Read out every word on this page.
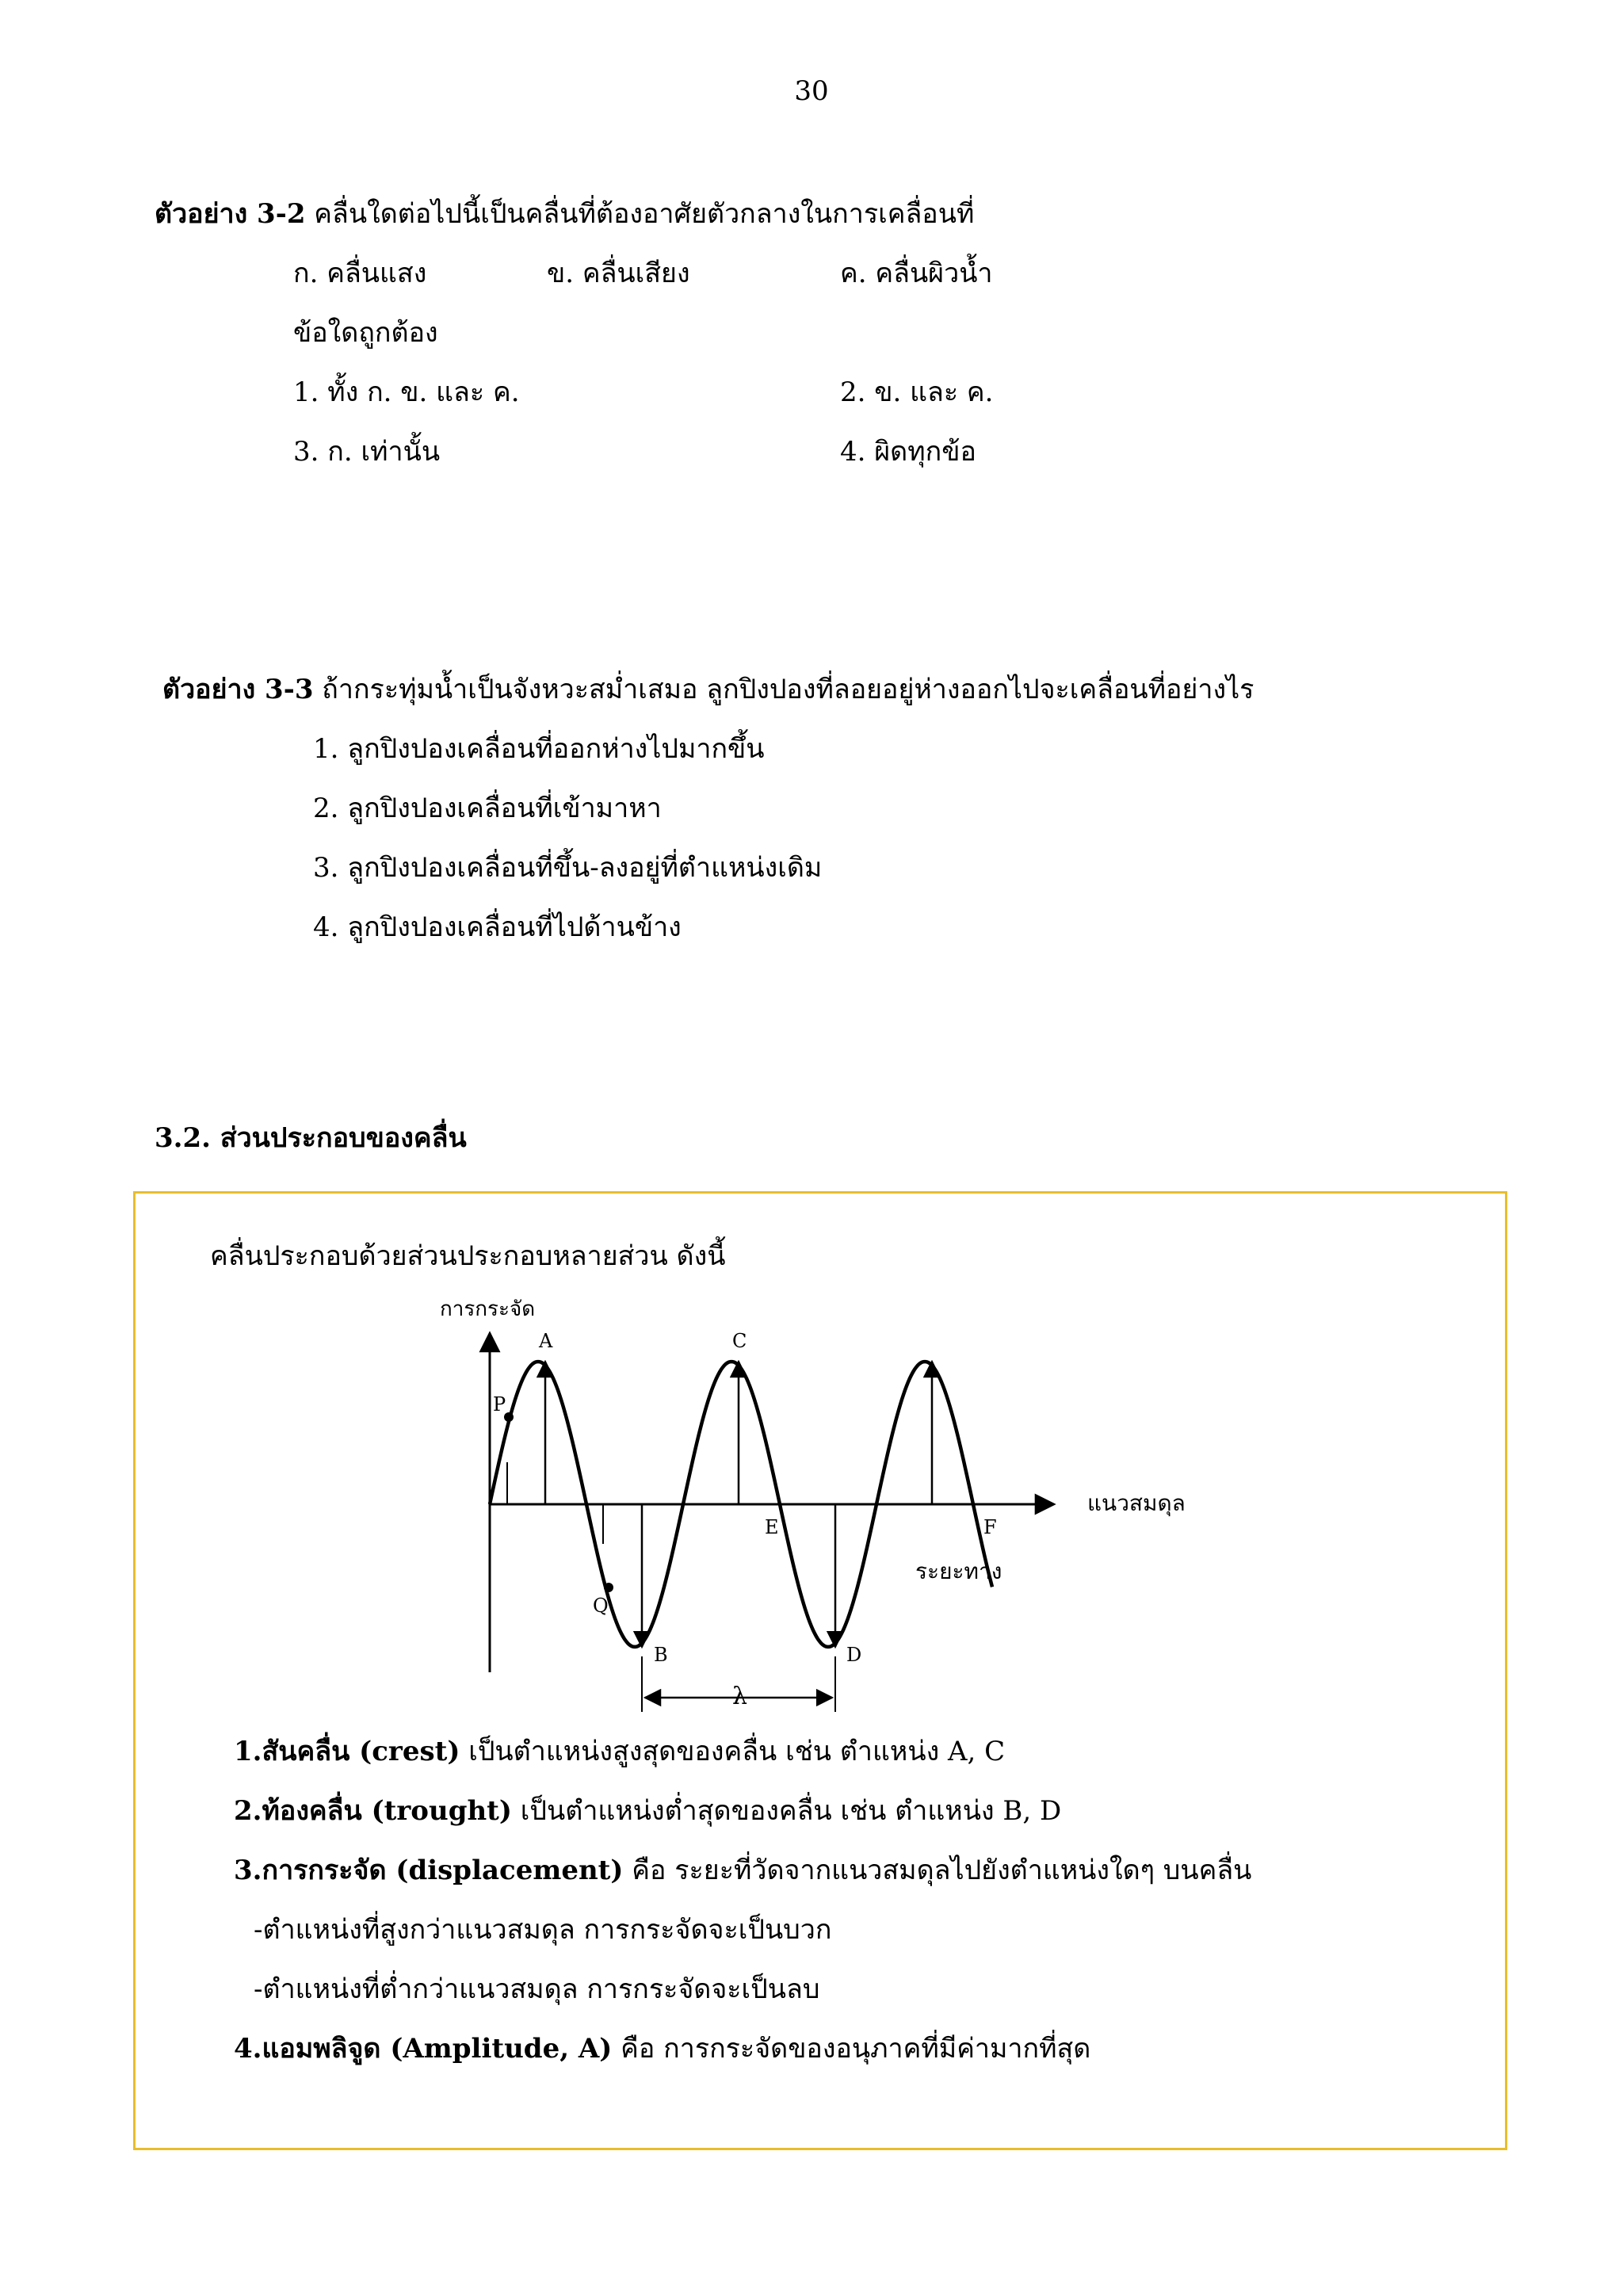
30
ตัวอย่าง 3-2 คลื่นใดต่อไปนี้เป็นคลื่นที่ต้องอาศัยตัวกลางในการเคลื่อนที่
ก. คลื่นแสง	ข. คลื่นเสียง	ค. คลื่นผิวน้ำ
ข้อใดถูกต้อง
1. ทั้ง ก. ข. และ ค.	2. ข. และ ค.
3. ก. เท่านั้น	4. ผิดทุกข้อ
ตัวอย่าง 3-3 ถ้ากระทุ่มน้ำเป็นจังหวะสม่ำเสมอ ลูกปิงปองที่ลอยอยู่ห่างออกไปจะเคลื่อนที่อย่างไร
1. ลูกปิงปองเคลื่อนที่ออกห่างไปมากขึ้น
2. ลูกปิงปองเคลื่อนที่เข้ามาหา
3. ลูกปิงปองเคลื่อนที่ขึ้น-ลงอยู่ที่ตำแหน่งเดิม
4. ลูกปิงปองเคลื่อนที่ไปด้านข้าง
3.2. ส่วนประกอบของคลื่น
คลื่นประกอบด้วยส่วนประกอบหลายส่วน ดังนี้
การกระจัด
แนวสมดุล
ระยะทาง
A
B
C
D
E	F
P
Q
λ
1.สันคลื่น (crest) เป็นตำแหน่งสูงสุดของคลื่น เช่น ตำแหน่ง A, C
2.ท้องคลื่น (trought) เป็นตำแหน่งต่ำสุดของคลื่น เช่น ตำแหน่ง B, D
3.การกระจัด (displacement) คือ ระยะที่วัดจากแนวสมดุลไปยังตำแหน่งใดๆ บนคลื่น
-ตำแหน่งที่สูงกว่าแนวสมดุล การกระจัดจะเป็นบวก
-ตำแหน่งที่ต่ำกว่าแนวสมดุล การกระจัดจะเป็นลบ
4.แอมพลิจูด (Amplitude, A) คือ การกระจัดของอนุภาคที่มีค่ามากที่สุด
